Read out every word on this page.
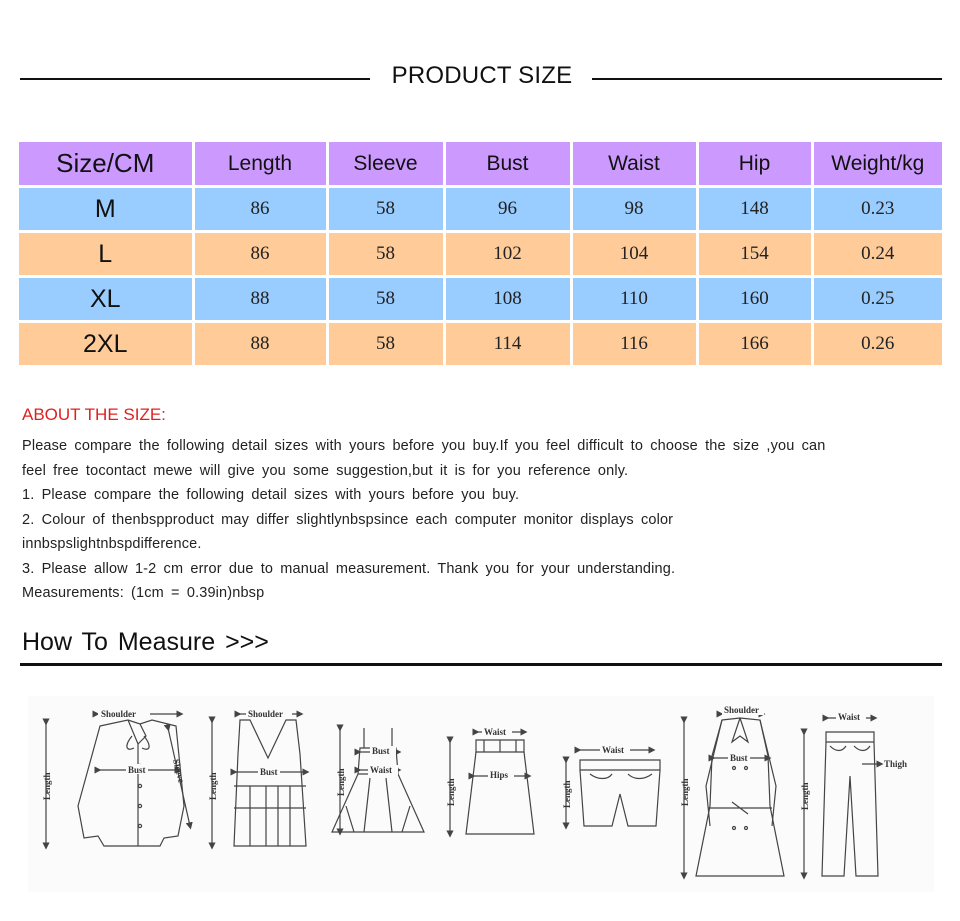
PRODUCT SIZE
Size/CM	Length	Sleeve	Bust	Waist	Hip	Weight/kg
M	86	58	96	98	148	0.23
L	86	58	102	104	154	0.24
XL	88	58	108	110	160	0.25
2XL	88	58	114	116	166	0.26
ABOUT THE SIZE:
Please compare the following detail sizes with yours before you buy.If you feel difficult to choose the size ,you can
feel free tocontact mewe will give you some suggestion,but it is for you reference only.
1. Please compare the following detail sizes with yours before you buy.
2. Colour of thenbspproduct may differ slightlynbspsince each computer monitor displays color
innbspslightnbspdifference.
3. Please allow 1-2 cm error due to manual measurement. Thank you for your understanding.
Measurements: (1cm = 0.39in)nbsp
How To Measure >>>
Shoulder
Bust
Length
Sleeve
Shoulder
Bust
Length
Bust
Waist
Length
Waist
Hips
Length
Waist
Length
Shoulder
Bust
Length
Waist
Thigh
Length
